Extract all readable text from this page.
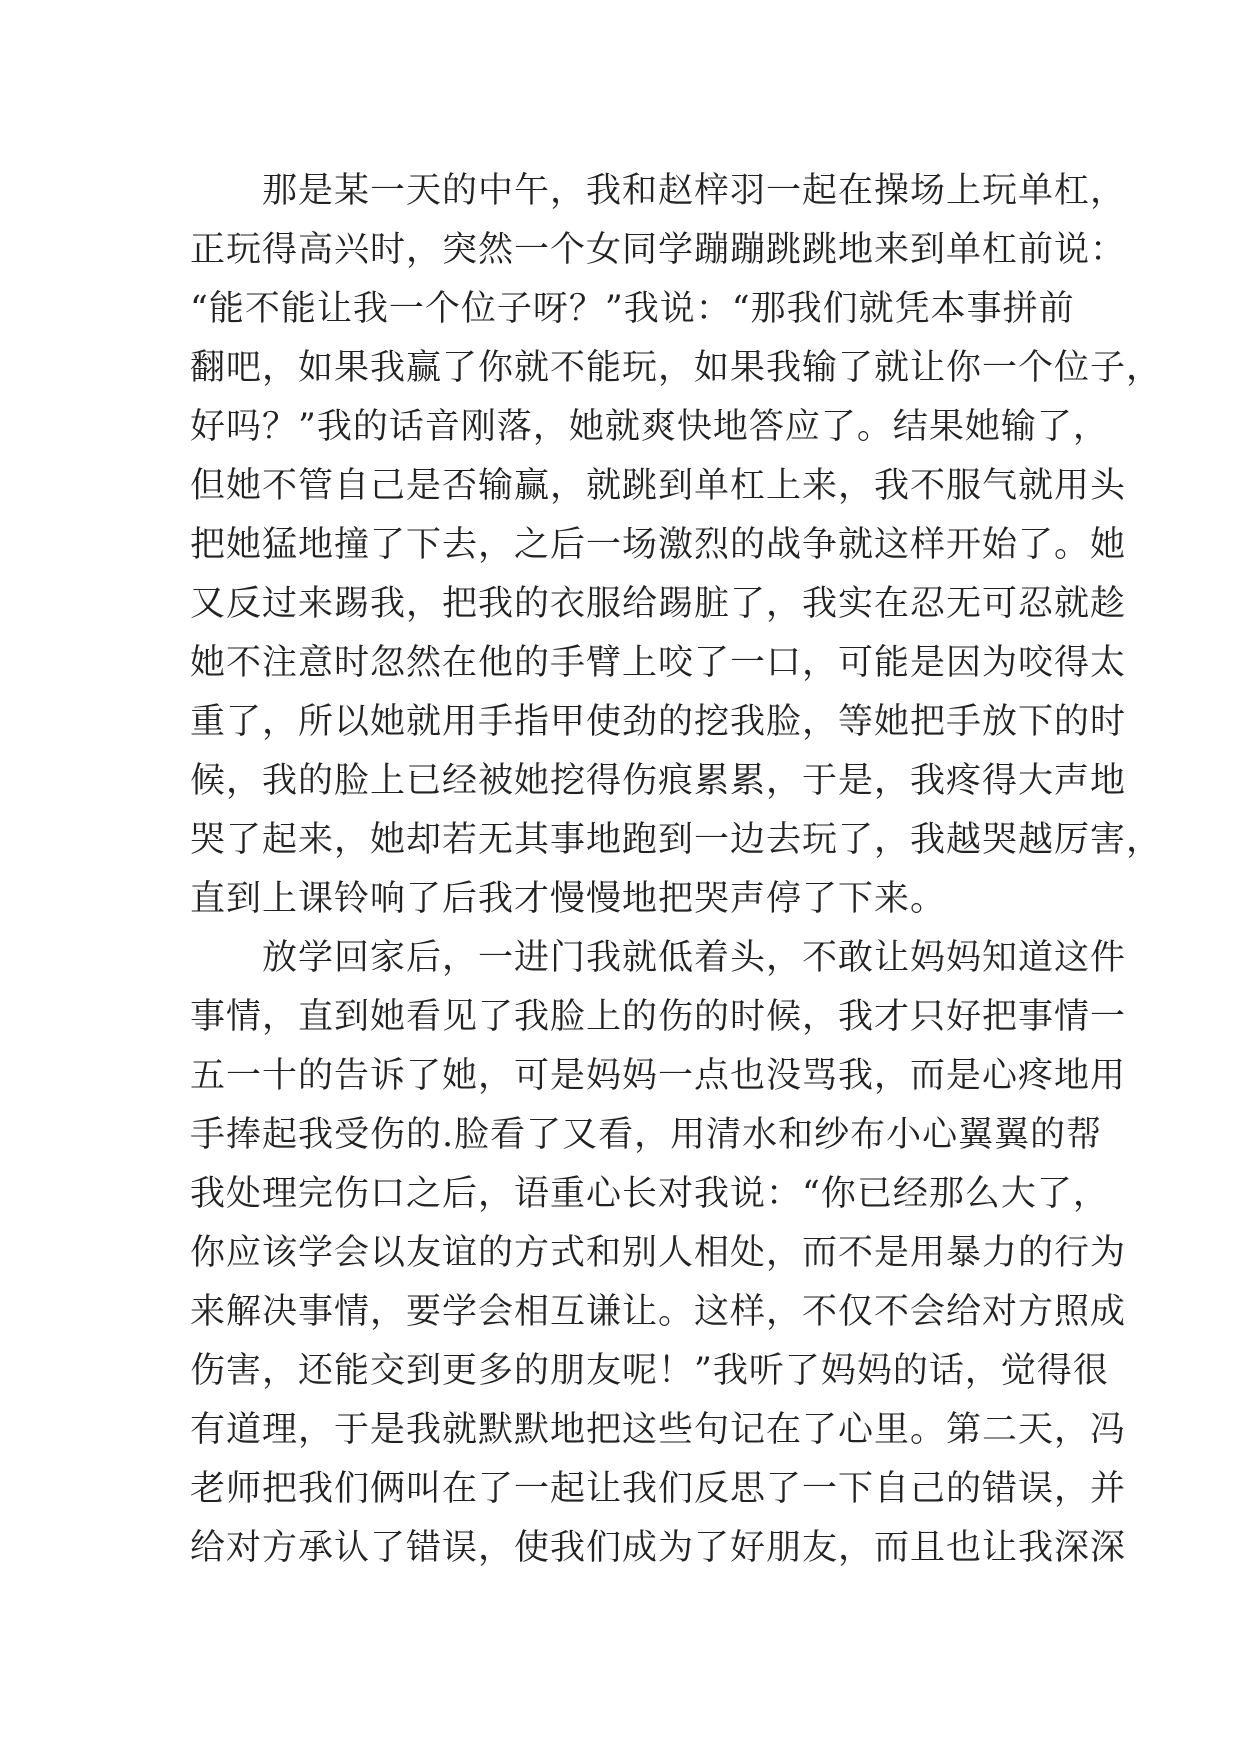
　　那是某一天的中午，我和赵梓羽一起在操场上玩单杠，
正玩得高兴时，突然一个女同学蹦蹦跳跳地来到单杠前说：
“能不能让我一个位子呀？”我说：“那我们就凭本事拼前
翻吧，如果我赢了你就不能玩，如果我输了就让你一个位子，
好吗？”我的话音刚落，她就爽快地答应了。结果她输了，
但她不管自己是否输赢，就跳到单杠上来，我不服气就用头
把她猛地撞了下去，之后一场激烈的战争就这样开始了。她
又反过来踢我，把我的衣服给踢脏了，我实在忍无可忍就趁
她不注意时忽然在他的手臂上咬了一口，可能是因为咬得太
重了，所以她就用手指甲使劲的挖我脸，等她把手放下的时
候，我的脸上已经被她挖得伤痕累累，于是，我疼得大声地
哭了起来，她却若无其事地跑到一边去玩了，我越哭越厉害，
直到上课铃响了后我才慢慢地把哭声停了下来。
　　放学回家后，一进门我就低着头，不敢让妈妈知道这件
事情，直到她看见了我脸上的伤的时候，我才只好把事情一
五一十的告诉了她，可是妈妈一点也没骂我，而是心疼地用
手捧起我受伤的.脸看了又看，用清水和纱布小心翼翼的帮
我处理完伤口之后，语重心长对我说：“你已经那么大了，
你应该学会以友谊的方式和别人相处，而不是用暴力的行为
来解决事情，要学会相互谦让。这样，不仅不会给对方照成
伤害，还能交到更多的朋友呢！”我听了妈妈的话，觉得很
有道理，于是我就默默地把这些句记在了心里。第二天，冯
老师把我们俩叫在了一起让我们反思了一下自己的错误，并
给对方承认了错误，使我们成为了好朋友，而且也让我深深
